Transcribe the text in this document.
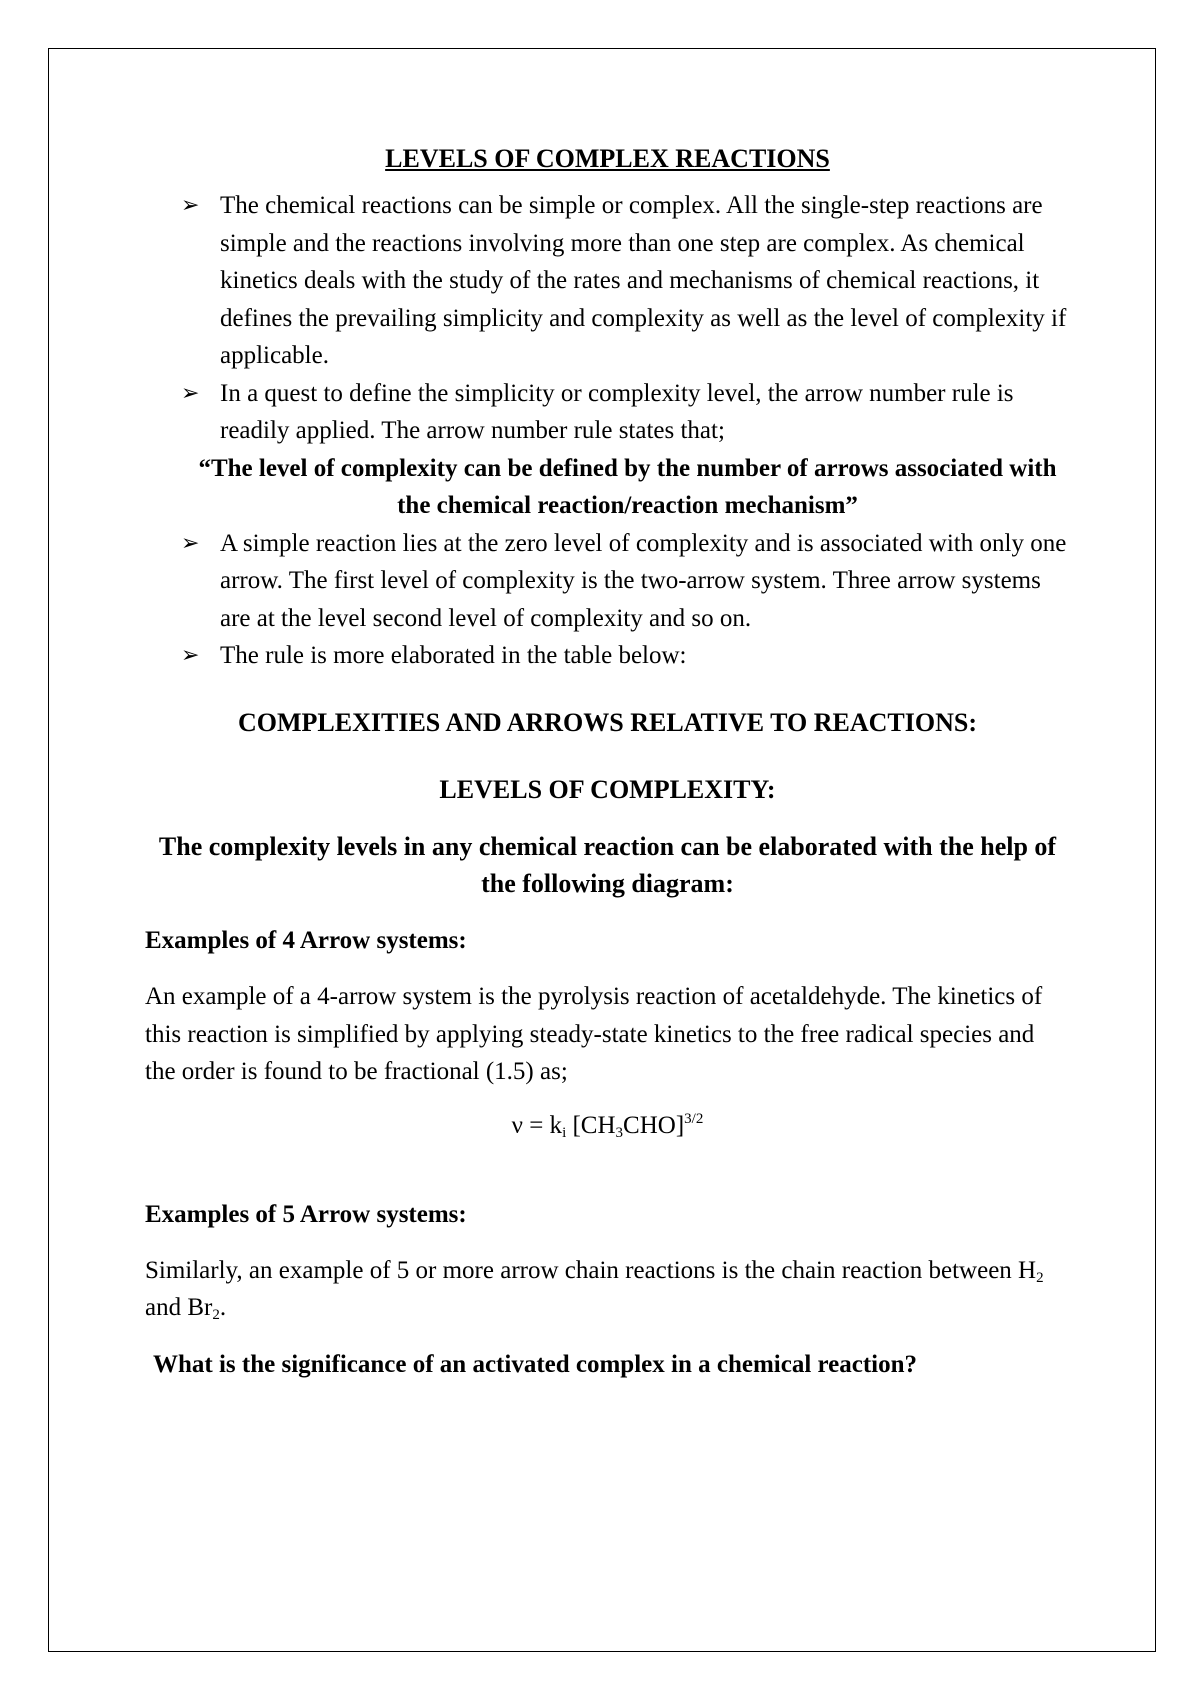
LEVELS OF COMPLEX REACTIONS
➢ The chemical reactions can be simple or complex. All the single-step reactions are simple and the reactions involving more than one step are complex. As chemical kinetics deals with the study of the rates and mechanisms of chemical reactions, it defines the prevailing simplicity and complexity as well as the level of complexity if applicable.
➢ In a quest to define the simplicity or complexity level, the arrow number rule is readily applied. The arrow number rule states that;
“The level of complexity can be defined by the number of arrows associated with the chemical reaction/reaction mechanism”
➢ A simple reaction lies at the zero level of complexity and is associated with only one arrow. The first level of complexity is the two-arrow system. Three arrow systems are at the level second level of complexity and so on.
➢ The rule is more elaborated in the table below:
COMPLEXITIES AND ARROWS RELATIVE TO REACTIONS:
LEVELS OF COMPLEXITY:
The complexity levels in any chemical reaction can be elaborated with the help of the following diagram:
Examples of 4 Arrow systems:
An example of a 4-arrow system is the pyrolysis reaction of acetaldehyde. The kinetics of this reaction is simplified by applying steady-state kinetics to the free radical species and the order is found to be fractional (1.5) as;
$\nu = k_i$ $[CH_3CHO]^{3/2}$
Examples of 5 Arrow systems:
Similarly, an example of 5 or more arrow chain reactions is the chain reaction between $H_2$ and $Br_2$.
What is the significance of an activated complex in a chemical reaction?
